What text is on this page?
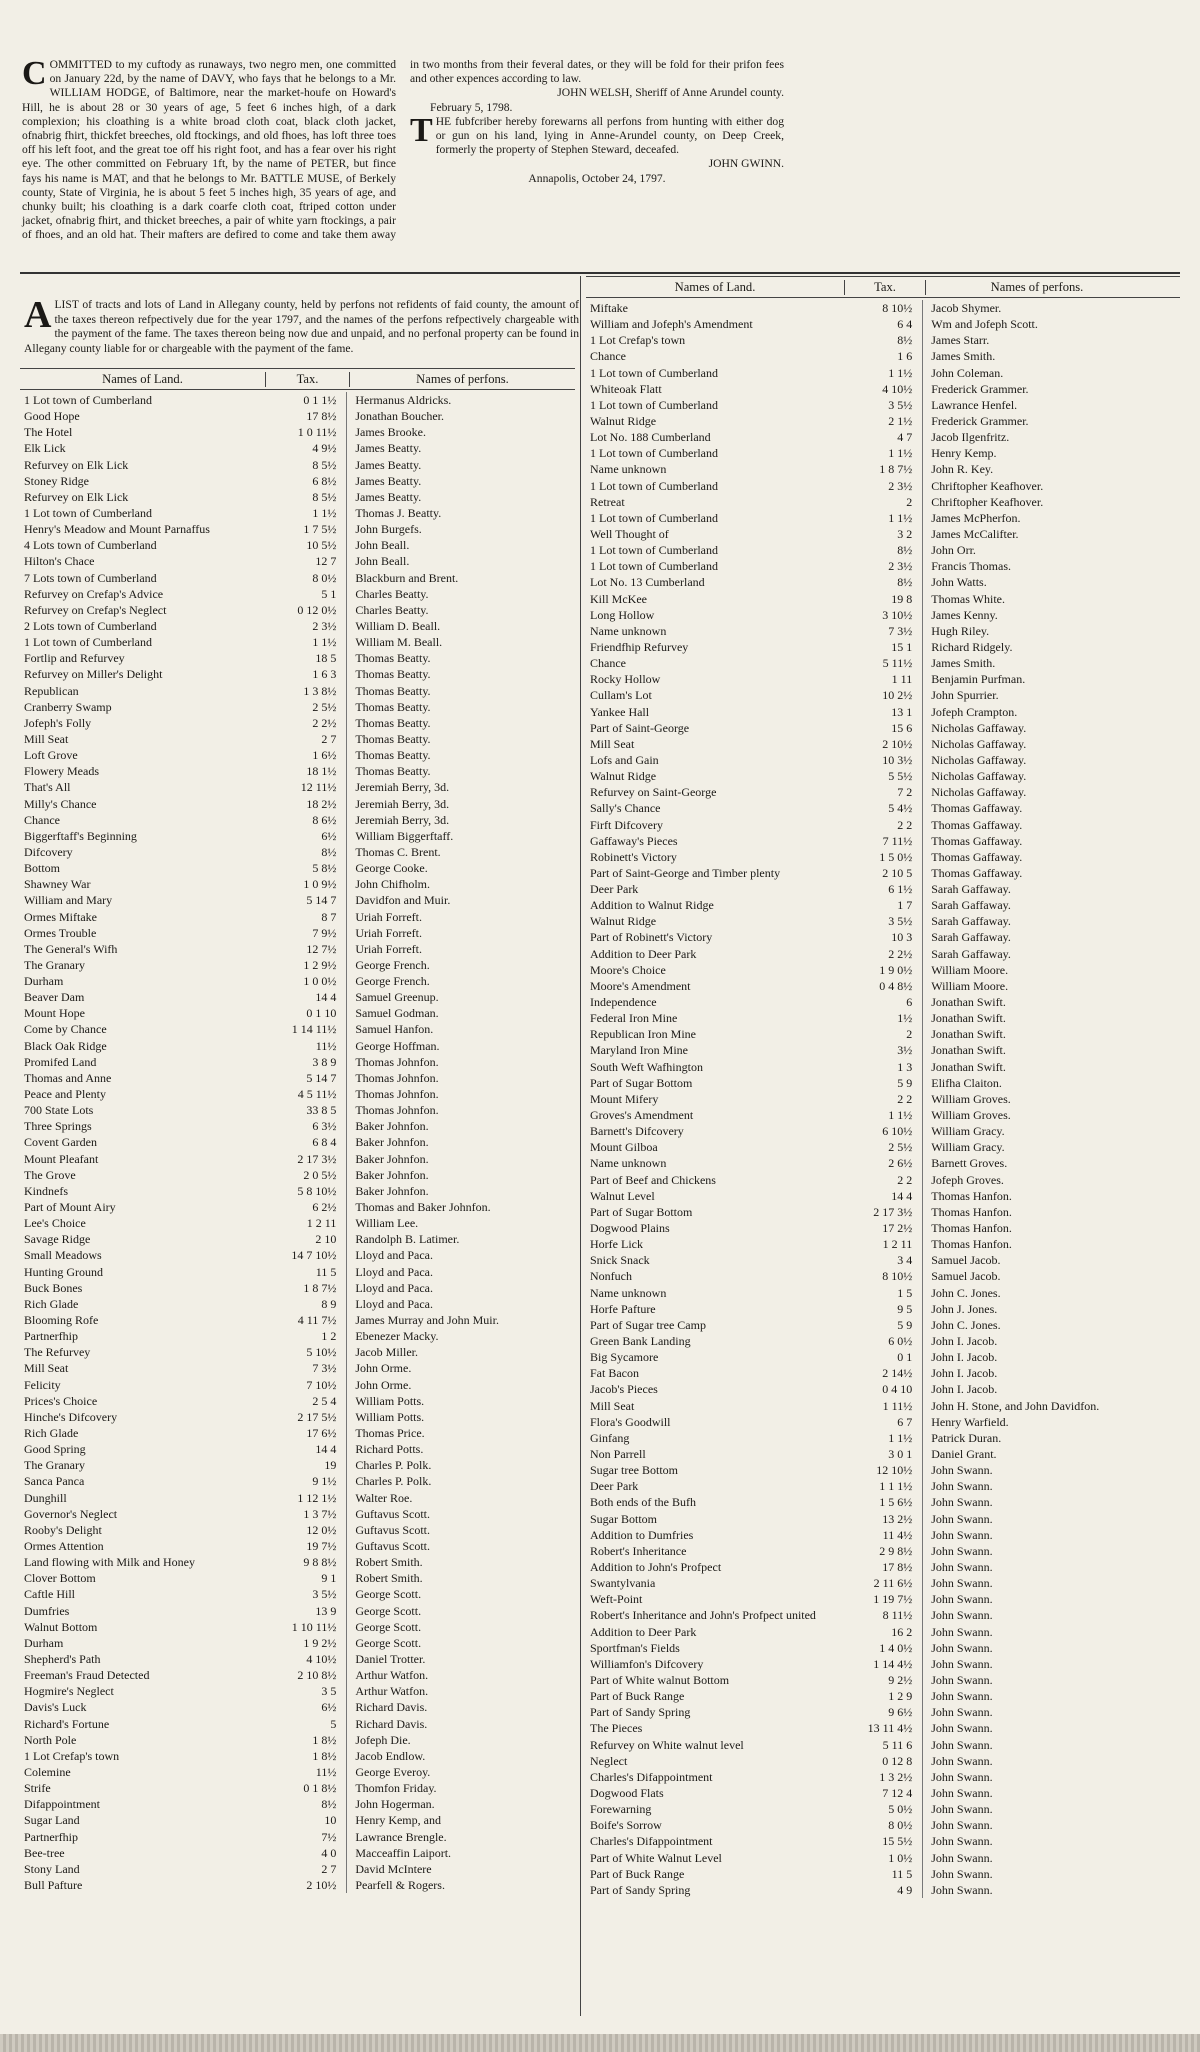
COMMITTED to my cuftody as runaways, two negro men, one committed on January 22d, by the name of DAVY, who fays that he belongs to a Mr. WILLIAM HODGE, of Baltimore, near the market-houfe on Howard's Hill, he is about 28 or 30 years of age, 5 feet 6 inches high, of a dark complexion; his cloathing is a white broad cloth coat, black cloth jacket, ofnabrig fhirt, thickfet breeches, old ftockings, and old fhoes, has loft three toes off his left foot, and the great toe off his right foot, and has a fear over his right eye. The other committed on February 1ft, by the name of PETER, but fince fays his name is MAT, and that he belongs to Mr. BATTLE MUSE, of Berkely county, State of Virginia, he is about 5 feet 5 inches high, 35 years of age, and chunky built; his cloathing is a dark coarfe cloth coat, ftriped cotton under jacket, ofnabrig fhirt, and thicket breeches, a pair of white yarn ftockings, a pair of fhoes, and an old hat. Their mafters are defired to come and take them away in two months from their feveral dates, or they will be fold for their prifon fees and other expences according to law.
JOHN WELSH, Sheriff of Anne Arundel county.
February 5, 1798.
T HE fubfcriber hereby forewarns all perfons from hunting with either dog or gun on his land, lying in Anne-Arundel county, on Deep Creek, formerly the property of Stephen Steward, deceafed.
JOHN GWINN.
Annapolis, October 24, 1797.

Names of Land.	Tax.	Names of perfons.
ALIST of tracts and lots of Land in Allegany county, held by perfons not refidents of faid county, the amount of the taxes thereon refpectively due for the year 1797, and the names of the perfons refpectively chargeable with the payment of the fame. The taxes thereon being now due and unpaid, and no perfonal property can be found in Allegany county liable for or chargeable with the payment of the fame.
Names of Land.	Tax.	Names of perfons.
1 Lot town of Cumberland	0 1 1½	Hermanus Aldricks.
Good Hope	17 8½	Jonathan Boucher.
The Hotel	1 0 11½	James Brooke.
Elk Lick	4 9½	James Beatty.
Refurvey on Elk Lick	8 5½	James Beatty.
Stoney Ridge	6 8½	James Beatty.
Refurvey on Elk Lick	8 5½	James Beatty.
1 Lot town of Cumberland	1 1½	Thomas J. Beatty.
Henry's Meadow and Mount Parnaffus	1 7 5½	John Burgefs.
4 Lots town of Cumberland	10 5½	John Beall.
Hilton's Chace	12 7	John Beall.
7 Lots town of Cumberland	8 0½	Blackburn and Brent.
Refurvey on Crefap's Advice	5 1	Charles Beatty.
Refurvey on Crefap's Neglect	0 12 0½	Charles Beatty.
2 Lots town of Cumberland	2 3½	William D. Beall.
1 Lot town of Cumberland	1 1½	William M. Beall.
Fortlip and Refurvey	18 5	Thomas Beatty.
Refurvey on Miller's Delight	1 6 3	Thomas Beatty.
Republican	1 3 8½	Thomas Beatty.
Cranberry Swamp	2 5½	Thomas Beatty.
Jofeph's Folly	2 2½	Thomas Beatty.
Mill Seat	2 7	Thomas Beatty.
Loft Grove	1 6½	Thomas Beatty.
Flowery Meads	18 1½	Thomas Beatty.
That's All	12 11½	Jeremiah Berry, 3d.
Milly's Chance	18 2½	Jeremiah Berry, 3d.
Chance	8 6½	Jeremiah Berry, 3d.
Biggerftaff's Beginning	6½	William Biggerftaff.
Difcovery	8½	Thomas C. Brent.
Bottom	5 8½	George Cooke.
Shawney War	1 0 9½	John Chifholm.
William and Mary	5 14 7	Davidfon and Muir.
Ormes Miftake	8 7	Uriah Forreft.
Ormes Trouble	7 9½	Uriah Forreft.
The General's Wifh	12 7½	Uriah Forreft.
The Granary	1 2 9½	George French.
Durham	1 0 0½	George French.
Beaver Dam	14 4	Samuel Greenup.
Mount Hope	0 1 10	Samuel Godman.
Come by Chance	1 14 11½	Samuel Hanfon.
Black Oak Ridge	11½	George Hoffman.
Promifed Land	3 8 9	Thomas Johnfon.
Thomas and Anne	5 14 7	Thomas Johnfon.
Peace and Plenty	4 5 11½	Thomas Johnfon.
700 State Lots	33 8 5	Thomas Johnfon.
Three Springs	6 3½	Baker Johnfon.
Covent Garden	6 8 4	Baker Johnfon.
Mount Pleafant	2 17 3½	Baker Johnfon.
The Grove	2 0 5½	Baker Johnfon.
Kindnefs	5 8 10½	Baker Johnfon.
Part of Mount Airy	6 2½	Thomas and Baker Johnfon.
Lee's Choice	1 2 11	William Lee.
Savage Ridge	2 10	Randolph B. Latimer.
Small Meadows	14 7 10½	Lloyd and Paca.
Hunting Ground	11 5	Lloyd and Paca.
Buck Bones	1 8 7½	Lloyd and Paca.
Rich Glade	8 9	Lloyd and Paca.
Blooming Rofe	4 11 7½	James Murray and John Muir.
Partnerfhip	1 2	Ebenezer Macky.
The Refurvey	5 10½	Jacob Miller.
Mill Seat	7 3½	John Orme.
Felicity	7 10½	John Orme.
Prices's Choice	2 5 4	William Potts.
Hinche's Difcovery	2 17 5½	William Potts.
Rich Glade	17 6½	Thomas Price.
Good Spring	14 4	Richard Potts.
The Granary	19	Charles P. Polk.
Sanca Panca	9 1½	Charles P. Polk.
Dunghill	1 12 1½	Walter Roe.
Governor's Neglect	1 3 7½	Guftavus Scott.
Rooby's Delight	12 0½	Guftavus Scott.
Ormes Attention	19 7½	Guftavus Scott.
Land flowing with Milk and Honey	9 8 8½	Robert Smith.
Clover Bottom	9 1	Robert Smith.
Caftle Hill	3 5½	George Scott.
Dumfries	13 9	George Scott.
Walnut Bottom	1 10 11½	George Scott.
Durham	1 9 2½	George Scott.
Shepherd's Path	4 10½	Daniel Trotter.
Freeman's Fraud Detected	2 10 8½	Arthur Watfon.
Hogmire's Neglect	3 5	Arthur Watfon.
Davis's Luck	6½	Richard Davis.
Richard's Fortune	5	Richard Davis.
North Pole	1 8½	Jofeph Die.
1 Lot Crefap's town	1 8½	Jacob Endlow.
Colemine	11½	George Everoy.
Strife	0 1 8½	Thomfon Friday.
Difappointment	8½	John Hogerman.
Sugar Land	10	Henry Kemp, and
Partnerfhip	7½	Lawrance Brengle.
Bee-tree	4 0	Macceaffin Laiport.
Stony Land	2 7	David McIntere
Bull Pafture	2 10½	Pearfell & Rogers.
Miftake	8 10½	Jacob Shymer.
William and Jofeph's Amendment	6 4	Wm and Jofeph Scott.
1 Lot Crefap's town	8½	James Starr.
Chance	1 6	James Smith.
1 Lot town of Cumberland	1 1½	John Coleman.
Whiteoak Flatt	4 10½	Frederick Grammer.
1 Lot town of Cumberland	3 5½	Lawrance Henfel.
Walnut Ridge	2 1½	Frederick Grammer.
Lot No. 188 Cumberland	4 7	Jacob Ilgenfritz.
1 Lot town of Cumberland	1 1½	Henry Kemp.
Name unknown	1 8 7½	John R. Key.
1 Lot town of Cumberland	2 3½	Chriftopher Keafhover.
Retreat	2	Chriftopher Keafhover.
1 Lot town of Cumberland	1 1½	James McPherfon.
Well Thought of	3 2	James McCalifter.
1 Lot town of Cumberland	8½	John Orr.
1 Lot town of Cumberland	2 3½	Francis Thomas.
Lot No. 13 Cumberland	8½	John Watts.
Kill McKee	19 8	Thomas White.
Long Hollow	3 10½	James Kenny.
Name unknown	7 3½	Hugh Riley.
Friendfhip Refurvey	15 1	Richard Ridgely.
Chance	5 11½	James Smith.
Rocky Hollow	1 11	Benjamin Purfman.
Cullam's Lot	10 2½	John Spurrier.
Yankee Hall	13 1	Jofeph Crampton.
Part of Saint-George	15 6	Nicholas Gaffaway.
Mill Seat	2 10½	Nicholas Gaffaway.
Lofs and Gain	10 3½	Nicholas Gaffaway.
Walnut Ridge	5 5½	Nicholas Gaffaway.
Refurvey on Saint-George	7 2	Nicholas Gaffaway.
Sally's Chance	5 4½	Thomas Gaffaway.
Firft Difcovery	2 2	Thomas Gaffaway.
Gaffaway's Pieces	7 11½	Thomas Gaffaway.
Robinett's Victory	1 5 0½	Thomas Gaffaway.
Part of Saint-George and Timber plenty	2 10 5	Thomas Gaffaway.
Deer Park	6 1½	Sarah Gaffaway.
Addition to Walnut Ridge	1 7	Sarah Gaffaway.
Walnut Ridge	3 5½	Sarah Gaffaway.
Part of Robinett's Victory	10 3	Sarah Gaffaway.
Addition to Deer Park	2 2½	Sarah Gaffaway.
Moore's Choice	1 9 0½	William Moore.
Moore's Amendment	0 4 8½	William Moore.
Independence	6	Jonathan Swift.
Federal Iron Mine	1½	Jonathan Swift.
Republican Iron Mine	2	Jonathan Swift.
Maryland Iron Mine	3½	Jonathan Swift.
South Weft Wafhington	1 3	Jonathan Swift.
Part of Sugar Bottom	5 9	Elifha Claiton.
Mount Mifery	2 2	William Groves.
Groves's Amendment	1 1½	William Groves.
Barnett's Difcovery	6 10½	William Gracy.
Mount Gilboa	2 5½	William Gracy.
Name unknown	2 6½	Barnett Groves.
Part of Beef and Chickens	2 2	Jofeph Groves.
Walnut Level	14 4	Thomas Hanfon.
Part of Sugar Bottom	2 17 3½	Thomas Hanfon.
Dogwood Plains	17 2½	Thomas Hanfon.
Horfe Lick	1 2 11	Thomas Hanfon.
Snick Snack	3 4	Samuel Jacob.
Nonfuch	8 10½	Samuel Jacob.
Name unknown	1 5	John C. Jones.
Horfe Pafture	9 5	John J. Jones.
Part of Sugar tree Camp	5 9	John C. Jones.
Green Bank Landing	6 0½	John I. Jacob.
Big Sycamore	0 1	John I. Jacob.
Fat Bacon	2 14½	John I. Jacob.
Jacob's Pieces	0 4 10	John I. Jacob.
Mill Seat	1 11½	John H. Stone, and John Davidfon.
Flora's Goodwill	6 7	Henry Warfield.
Ginfang	1 1½	Patrick Duran.
Non Parrell	3 0 1	Daniel Grant.
Sugar tree Bottom	12 10½	John Swann.
Deer Park	1 1 1½	John Swann.
Both ends of the Bufh	1 5 6½	John Swann.
Sugar Bottom	13 2½	John Swann.
Addition to Dumfries	11 4½	John Swann.
Robert's Inheritance	2 9 8½	John Swann.
Addition to John's Profpect	17 8½	John Swann.
Swantylvania	2 11 6½	John Swann.
Weft-Point	1 19 7½	John Swann.
Robert's Inheritance and John's Profpect united	8 11½	John Swann.
Addition to Deer Park	16 2	John Swann.
Sportfman's Fields	1 4 0½	John Swann.
Williamfon's Difcovery	1 14 4½	John Swann.
Part of White walnut Bottom	9 2½	John Swann.
Part of Buck Range	1 2 9	John Swann.
Part of Sandy Spring	9 6½	John Swann.
The Pieces	13 11 4½	John Swann.
Refurvey on White walnut level	5 11 6	John Swann.
Neglect	0 12 8	John Swann.
Charles's Difappointment	1 3 2½	John Swann.
Dogwood Flats	7 12 4	John Swann.
Forewarning	5 0½	John Swann.
Boife's Sorrow	8 0½	John Swann.
Charles's Difappointment	15 5½	John Swann.
Part of White Walnut Level	1 0½	John Swann.
Part of Buck Range	11 5	John Swann.
Part of Sandy Spring	4 9	John Swann.
